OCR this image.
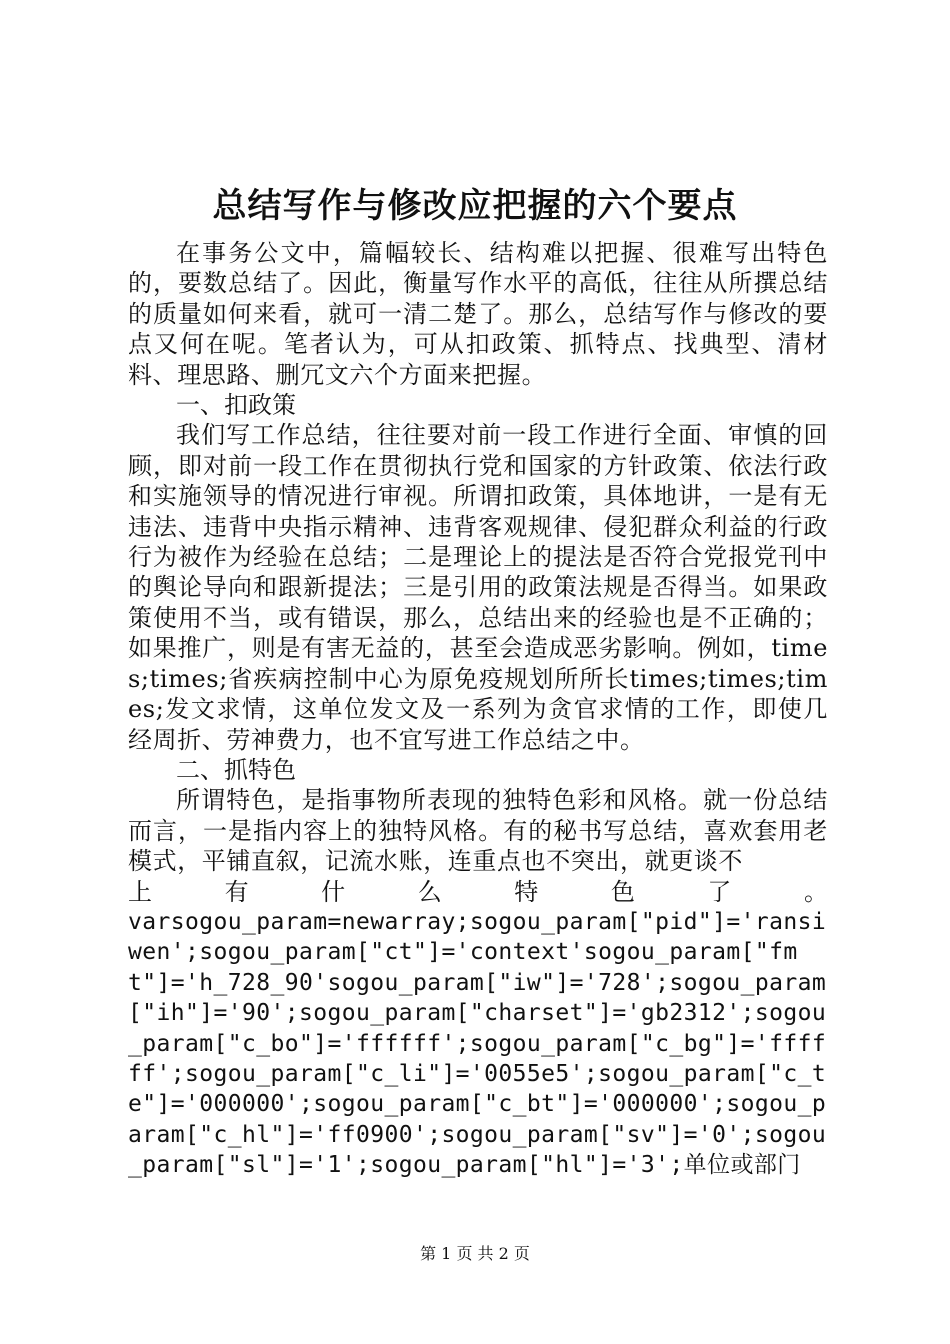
总结写作与修改应把握的六个要点

在事务公文中，篇幅较长、结构难以把握、很难写出特色的，要数总结了。因此，衡量写作水平的高低，往往从所撰总结的质量如何来看，就可一清二楚了。那么，总结写作与修改的要点又何在呢。笔者认为，可从扣政策、抓特点、找典型、清材料、理思路、删冗文六个方面来把握。

一、扣政策

我们写工作总结，往往要对前一段工作进行全面、审慎的回顾，即对前一段工作在贯彻执行党和国家的方针政策、依法行政和实施领导的情况进行审视。所谓扣政策，具体地讲，一是有无违法、违背中央指示精神、违背客观规律、侵犯群众利益的行政行为被作为经验在总结；二是理论上的提法是否符合党报党刊中的舆论导向和跟新提法；三是引用的政策法规是否得当。如果政策使用不当，或有错误，那么，总结出来的经验也是不正确的；如果推广，则是有害无益的，甚至会造成恶劣影响。例如，times;times;省疾病控制中心为原免疫规划所所长times;times;times;发文求情，这单位发文及一系列为贪官求情的工作，即使几经周折、劳神费力，也不宜写进工作总结之中。

二、抓特色

所谓特色，是指事物所表现的独特色彩和风格。就一份总结而言，一是指内容上的独特风格。有的秘书写总结，喜欢套用老模式，平铺直叙，记流水账，连重点也不突出，就更谈不

上	有	什	么	特	色	了	。

varsogou_param=newarray;sogou_param["pid"]='ransiwen';sogou_param["ct"]='context'sogou_param["fmt"]='h_728_90'sogou_param["iw"]='728';sogou_param["ih"]='90';sogou_param["charset"]='gb2312';sogou_param["c_bo"]='ffffff';sogou_param["c_bg"]='ffffff';sogou_param["c_li"]='0055e5';sogou_param["c_te"]='000000';sogou_param["c_bt"]='000000';sogou_param["c_hl"]='ff0900';sogou_param["sv"]='0';sogou_param["sl"]='1';sogou_param["hl"]='3';单位或部门

第 1 页 共 2 页
